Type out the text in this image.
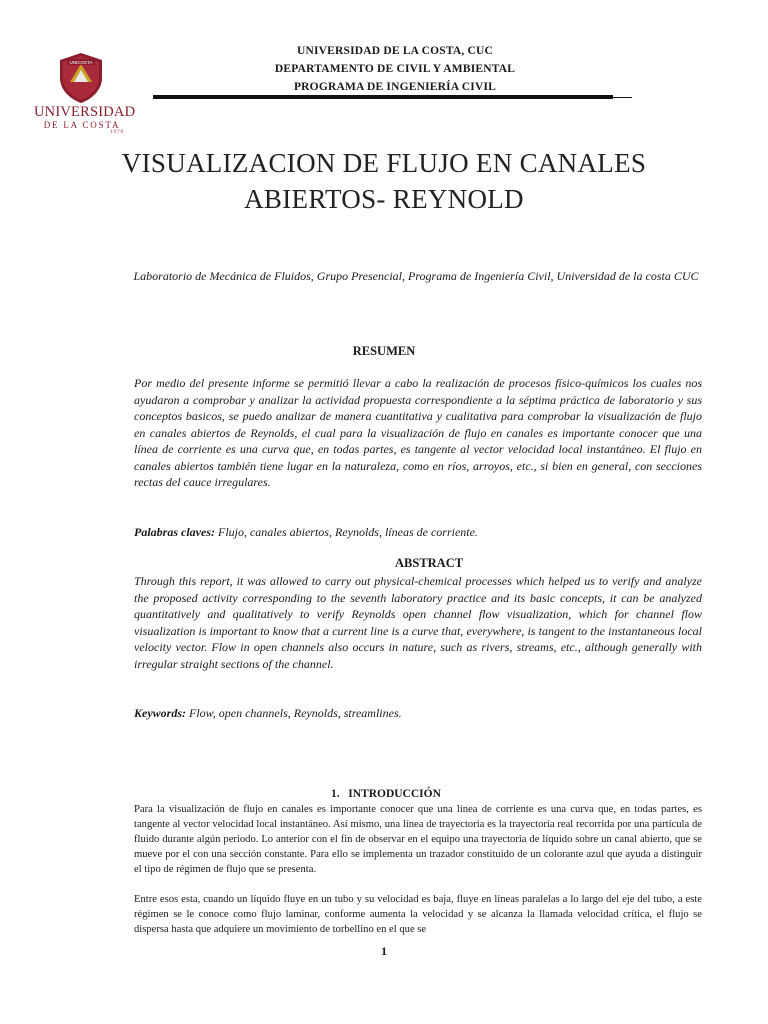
UNICOSTA
UNIVERSIDAD
DE LA COSTA
1970
UNIVERSIDAD DE LA COSTA, CUC
DEPARTAMENTO DE CIVIL Y AMBIENTAL
PROGRAMA DE INGENIERÍA CIVIL
VISUALIZACION DE FLUJO EN CANALES
ABIERTOS- REYNOLD
Laboratorio de Mecánica de Fluidos, Grupo Presencial, Programa de Ingeniería Civil, Universidad de la costa CUC
RESUMEN
Por medio del presente informe se permitió llevar a cabo la realización de procesos físico-químicos los cuales nos ayudaron a comprobar y analizar la actividad propuesta correspondiente a la séptima práctica de laboratorio y sus conceptos basicos, se puedo analizar de manera cuantitativa y cualitativa para comprobar la visualización de flujo en canales abiertos de Reynolds, el cual para la visualización de flujo en canales es importante conocer que una línea de corriente es una curva que, en todas partes, es tangente al vector velocidad local instantáneo. El flujo en canales abiertos también tiene lugar en la naturaleza, como en ríos, arroyos, etc., si bien en general, con secciones rectas del cauce irregulares.
Palabras claves: Flujo, canales abiertos, Reynolds, líneas de corriente.
ABSTRACT
Through this report, it was allowed to carry out physical-chemical processes which helped us to verify and analyze the proposed activity corresponding to the seventh laboratory practice and its basic concepts, it can be analyzed quantitatively and qualitatively to verify Reynolds open channel flow visualization, which for channel flow visualization is important to know that a current line is a curve that, everywhere, is tangent to the instantaneous local velocity vector. Flow in open channels also occurs in nature, such as rivers, streams, etc., although generally with irregular straight sections of the channel.
Keywords: Flow, open channels, Reynolds, streamlines.
1.   INTRODUCCIÓN
Para la visualización de flujo en canales es importante conocer que una línea de corriente es una curva que, en todas partes, es tangente al vector velocidad local instantáneo. Así mismo, una línea de trayectoria es la trayectoria real recorrida por una partícula de fluido durante algún periodo. Lo anterior con el fin de observar en el equipo una trayectoria de líquido sobre un canal abierto, que se mueve por el con una sección constante. Para ello se implementa un trazador constituido de un colorante azul que ayuda a distinguir el tipo de régimen de flujo que se presenta.
Entre esos esta, cuando un líquido fluye en un tubo y su velocidad es baja, fluye en líneas paralelas a lo largo del eje del tubo, a este régimen se le conoce como flujo laminar, conforme aumenta la velocidad y se alcanza la llamada velocidad crítica, el flujo se dispersa hasta que adquiere un movimiento de torbellino en el que se
1
